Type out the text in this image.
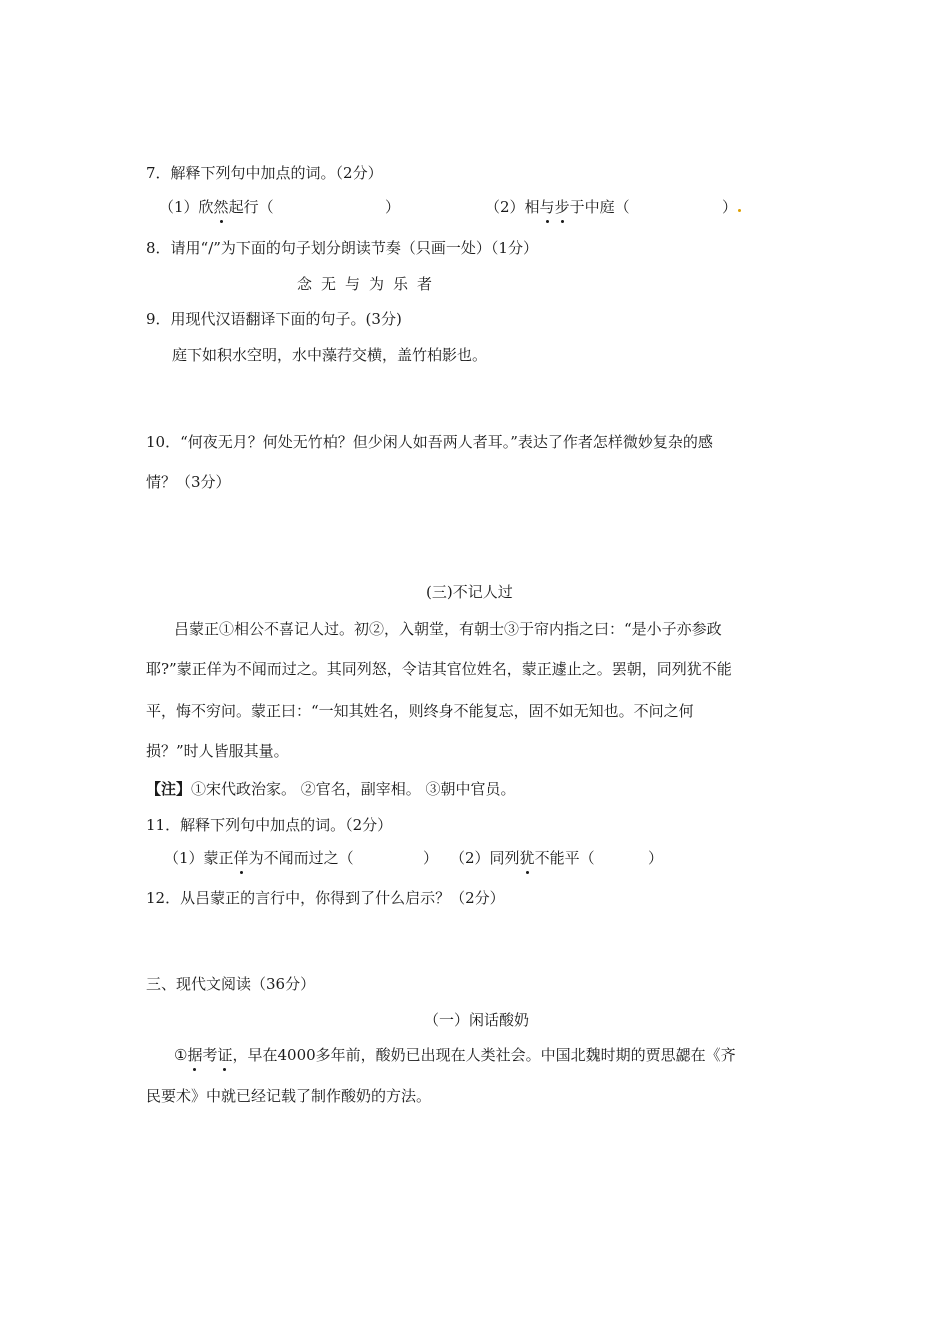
7．解释下列句中加点的词。（2分）
（1）欣然起行（	）	（2）相与步于中庭（	）
8．请用“/”为下面的句子划分朗读节奏（只画一处）（1分）
念无与为乐者
9．用现代汉语翻译下面的句子。(3分)
庭下如积水空明，水中藻荇交横，盖竹柏影也。
10．“何夜无月？何处无竹柏？但少闲人如吾两人者耳。”表达了作者怎样微妙复杂的感
情？（3分）
(三)不记人过
吕蒙正①相公不喜记人过。初②，入朝堂，有朝士③于帘内指之曰：“是小子亦参政
耶?”蒙正佯为不闻而过之。其同列怒，令诘其官位姓名，蒙正遽止之。罢朝，同列犹不能
平，悔不穷问。蒙正曰：“一知其姓名，则终身不能复忘，固不如无知也。不问之何
损？”时人皆服其量。
【注】①宋代政治家。 ②官名，副宰相。 ③朝中官员。
11．解释下列句中加点的词。（2分）
（1）蒙正佯为不闻而过之（	） （2）同列犹不能平（	）
12．从吕蒙正的言行中，你得到了什么启示？（2分）
三、现代文阅读（36分）
（一）闲话酸奶
①据考证，早在4000多年前，酸奶已出现在人类社会。中国北魏时期的贾思勰在《齐
民要术》中就已经记载了制作酸奶的方法。
